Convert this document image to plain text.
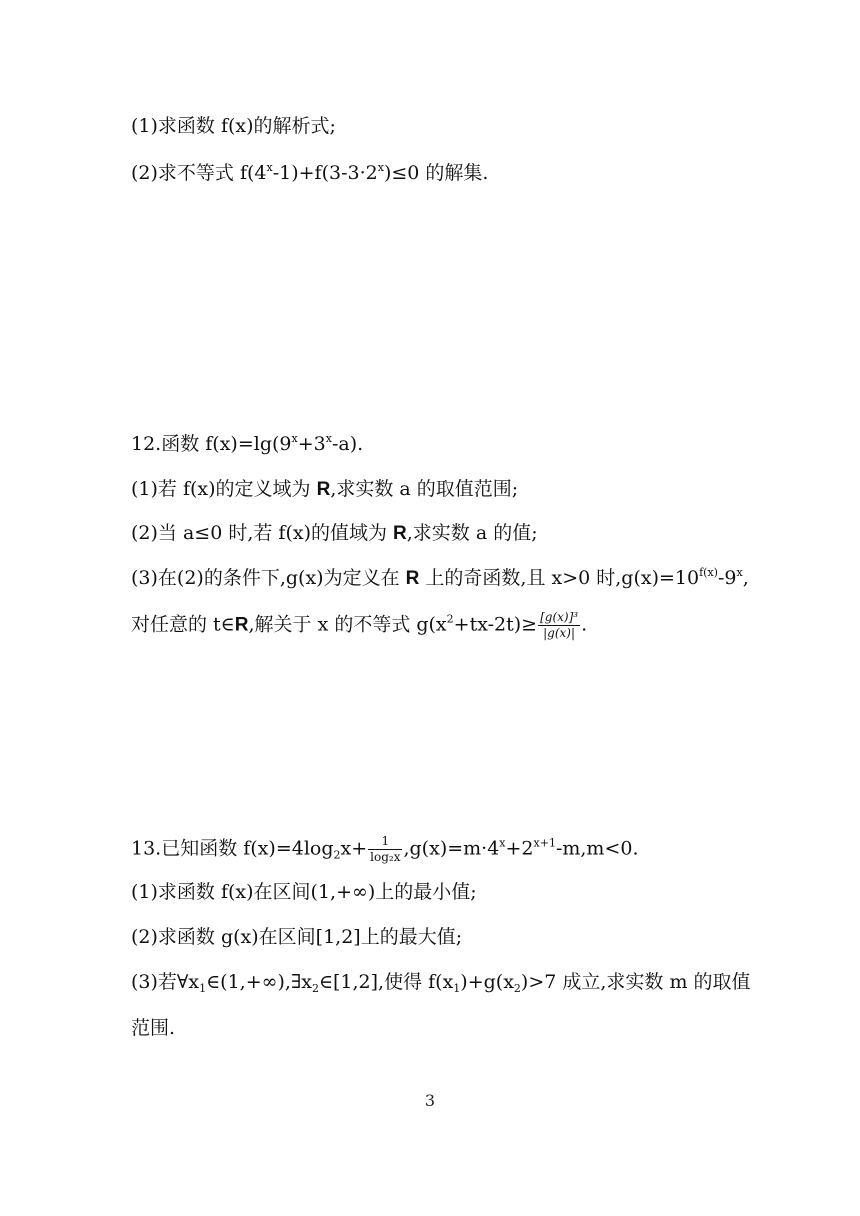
(1)求函数 f(x)的解析式;
(2)求不等式 $f(4^x-1)+f(3-3\cdot 2^x)\le 0$ 的解集.
12.函数 $f(x)=\lg(9^x+3^x-a)$.
(1)若 f(x)的定义域为 R,求实数 a 的取值范围;
(2)当 a≤0 时,若 f(x)的值域为 R,求实数 a 的值;
(3)在(2)的条件下,g(x)为定义在 R 上的奇函数,且 x>0 时$,g(x)=10^{f(x)}-9^x$,
对任意的 t∈R,解关于 x 的不等式 $g(x^2+tx-2t)\ge \frac{\text{[g(x)]³}}{|g(x)|}$ .
13.已知函数 $f(x)=4\log_2x+ \frac{1}{\text{log₂x}} ,g(x)=m\cdot 4^x+2^{x+1}-m,m<0$.
(1)求函数 f(x)在区间(1,+∞)上的最小值;
(2)求函数 g(x)在区间[1,2]上的最大值;
(3)若$\forall x_1\in(1,+\infty),\exists x_2\in[1,2]$,使得 $f(x_1)+g(x_2)>7$ 成立,求实数 m 的取值
范围.
3
